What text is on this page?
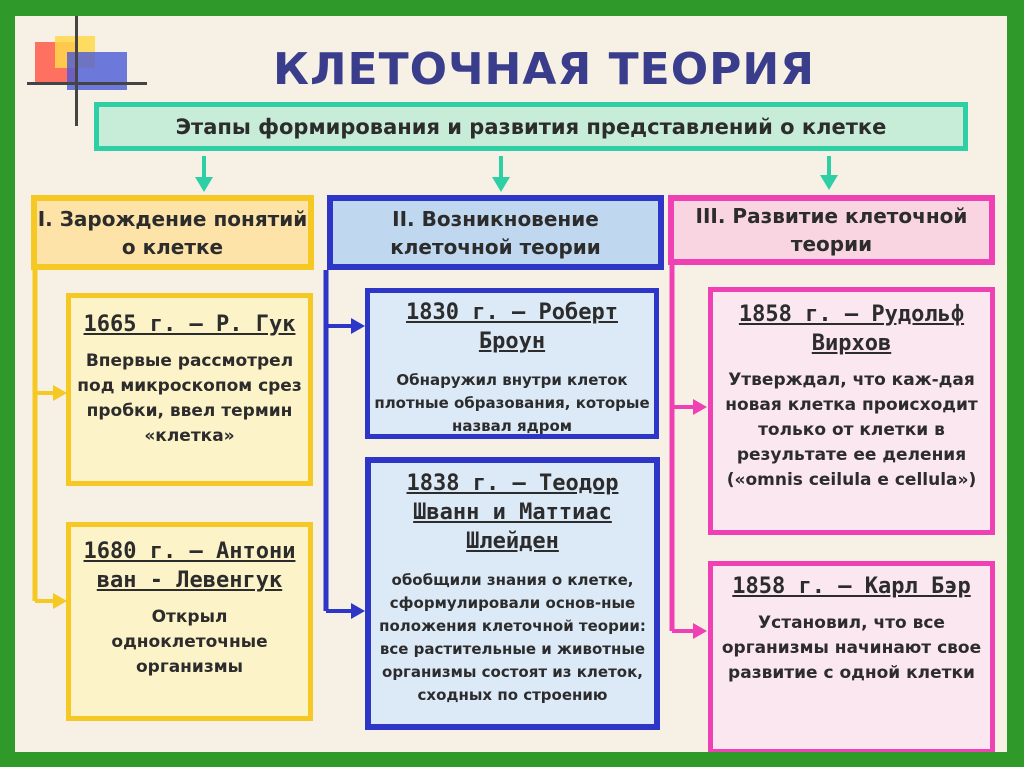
КЛЕТОЧНАЯ ТЕОРИЯ
Этапы формирования и развития представлений о клетке
I. Зарождение понятий о клетке
II. Возникновение клеточной теории
III. Развитие клеточной теории
1665 г. – Р. Гук
Впервые рассмотрел под микроскопом срез пробки, ввел термин «клетка»
1680 г. – Антони ван - Левенгук
Открыл одноклеточные организмы
1830 г. – Роберт Броун
Обнаружил внутри клеток плотные образования, которые назвал ядром
1838 г. – Теодор Шванн и Маттиас Шлейден
обобщили знания о клетке, сформулировали основ-ные положения клеточной теории: все растительные и животные организмы состоят из клеток, сходных по строению
1858 г. – Рудольф Вирхов
Утверждал, что каж-дая новая клетка происходит только от клетки в результате ее деления («omnis ceilula e cellula»)
1858 г. – Карл Бэр
Установил, что все организмы начинают свое развитие с одной клетки
